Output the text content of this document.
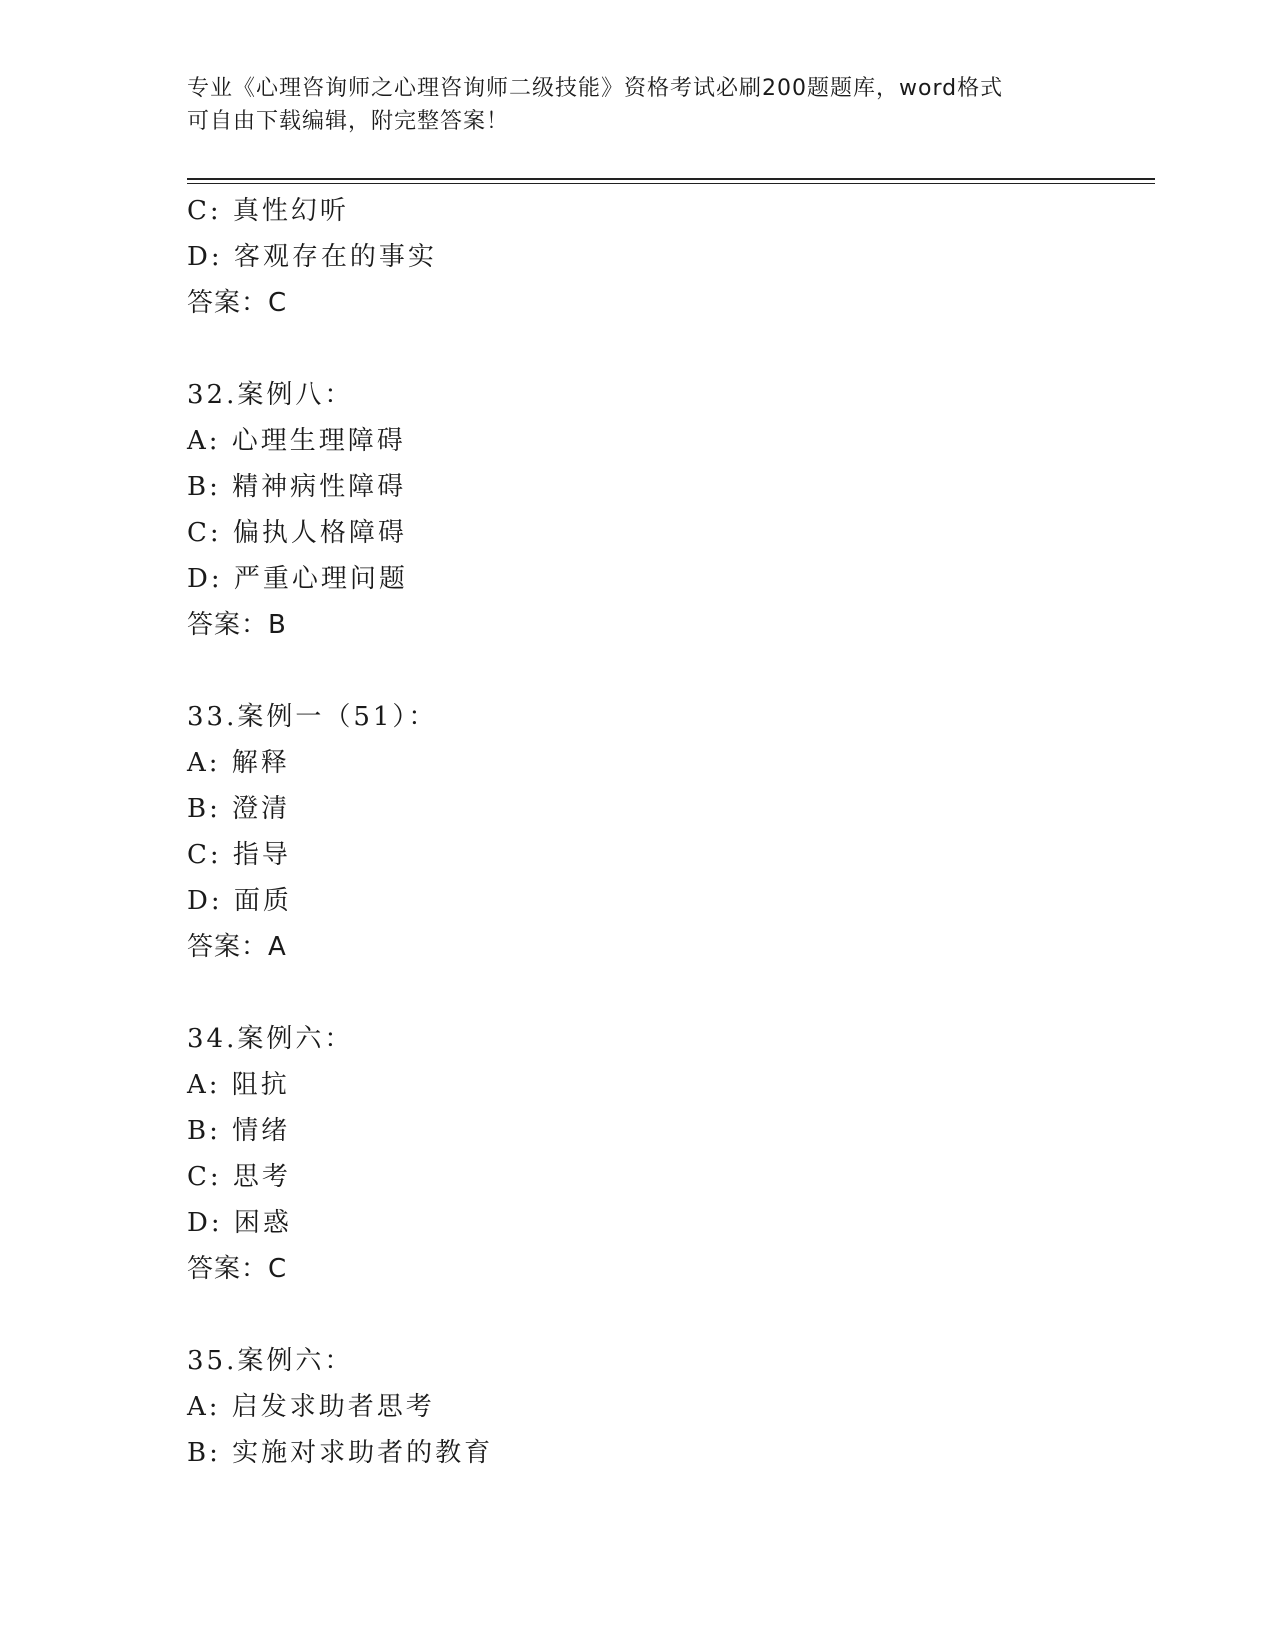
专业《心理咨询师之心理咨询师二级技能》资格考试必刷200题题库，word格式
可自由下载编辑，附完整答案！
C: 真性幻听
D: 客观存在的事实
答案：C
32.案例八：
A: 心理生理障碍
B: 精神病性障碍
C: 偏执人格障碍
D: 严重心理问题
答案：B
33.案例一（51）：
A: 解释
B: 澄清
C: 指导
D: 面质
答案：A
34.案例六：
A: 阻抗
B: 情绪
C: 思考
D: 困惑
答案：C
35.案例六：
A: 启发求助者思考
B: 实施对求助者的教育
